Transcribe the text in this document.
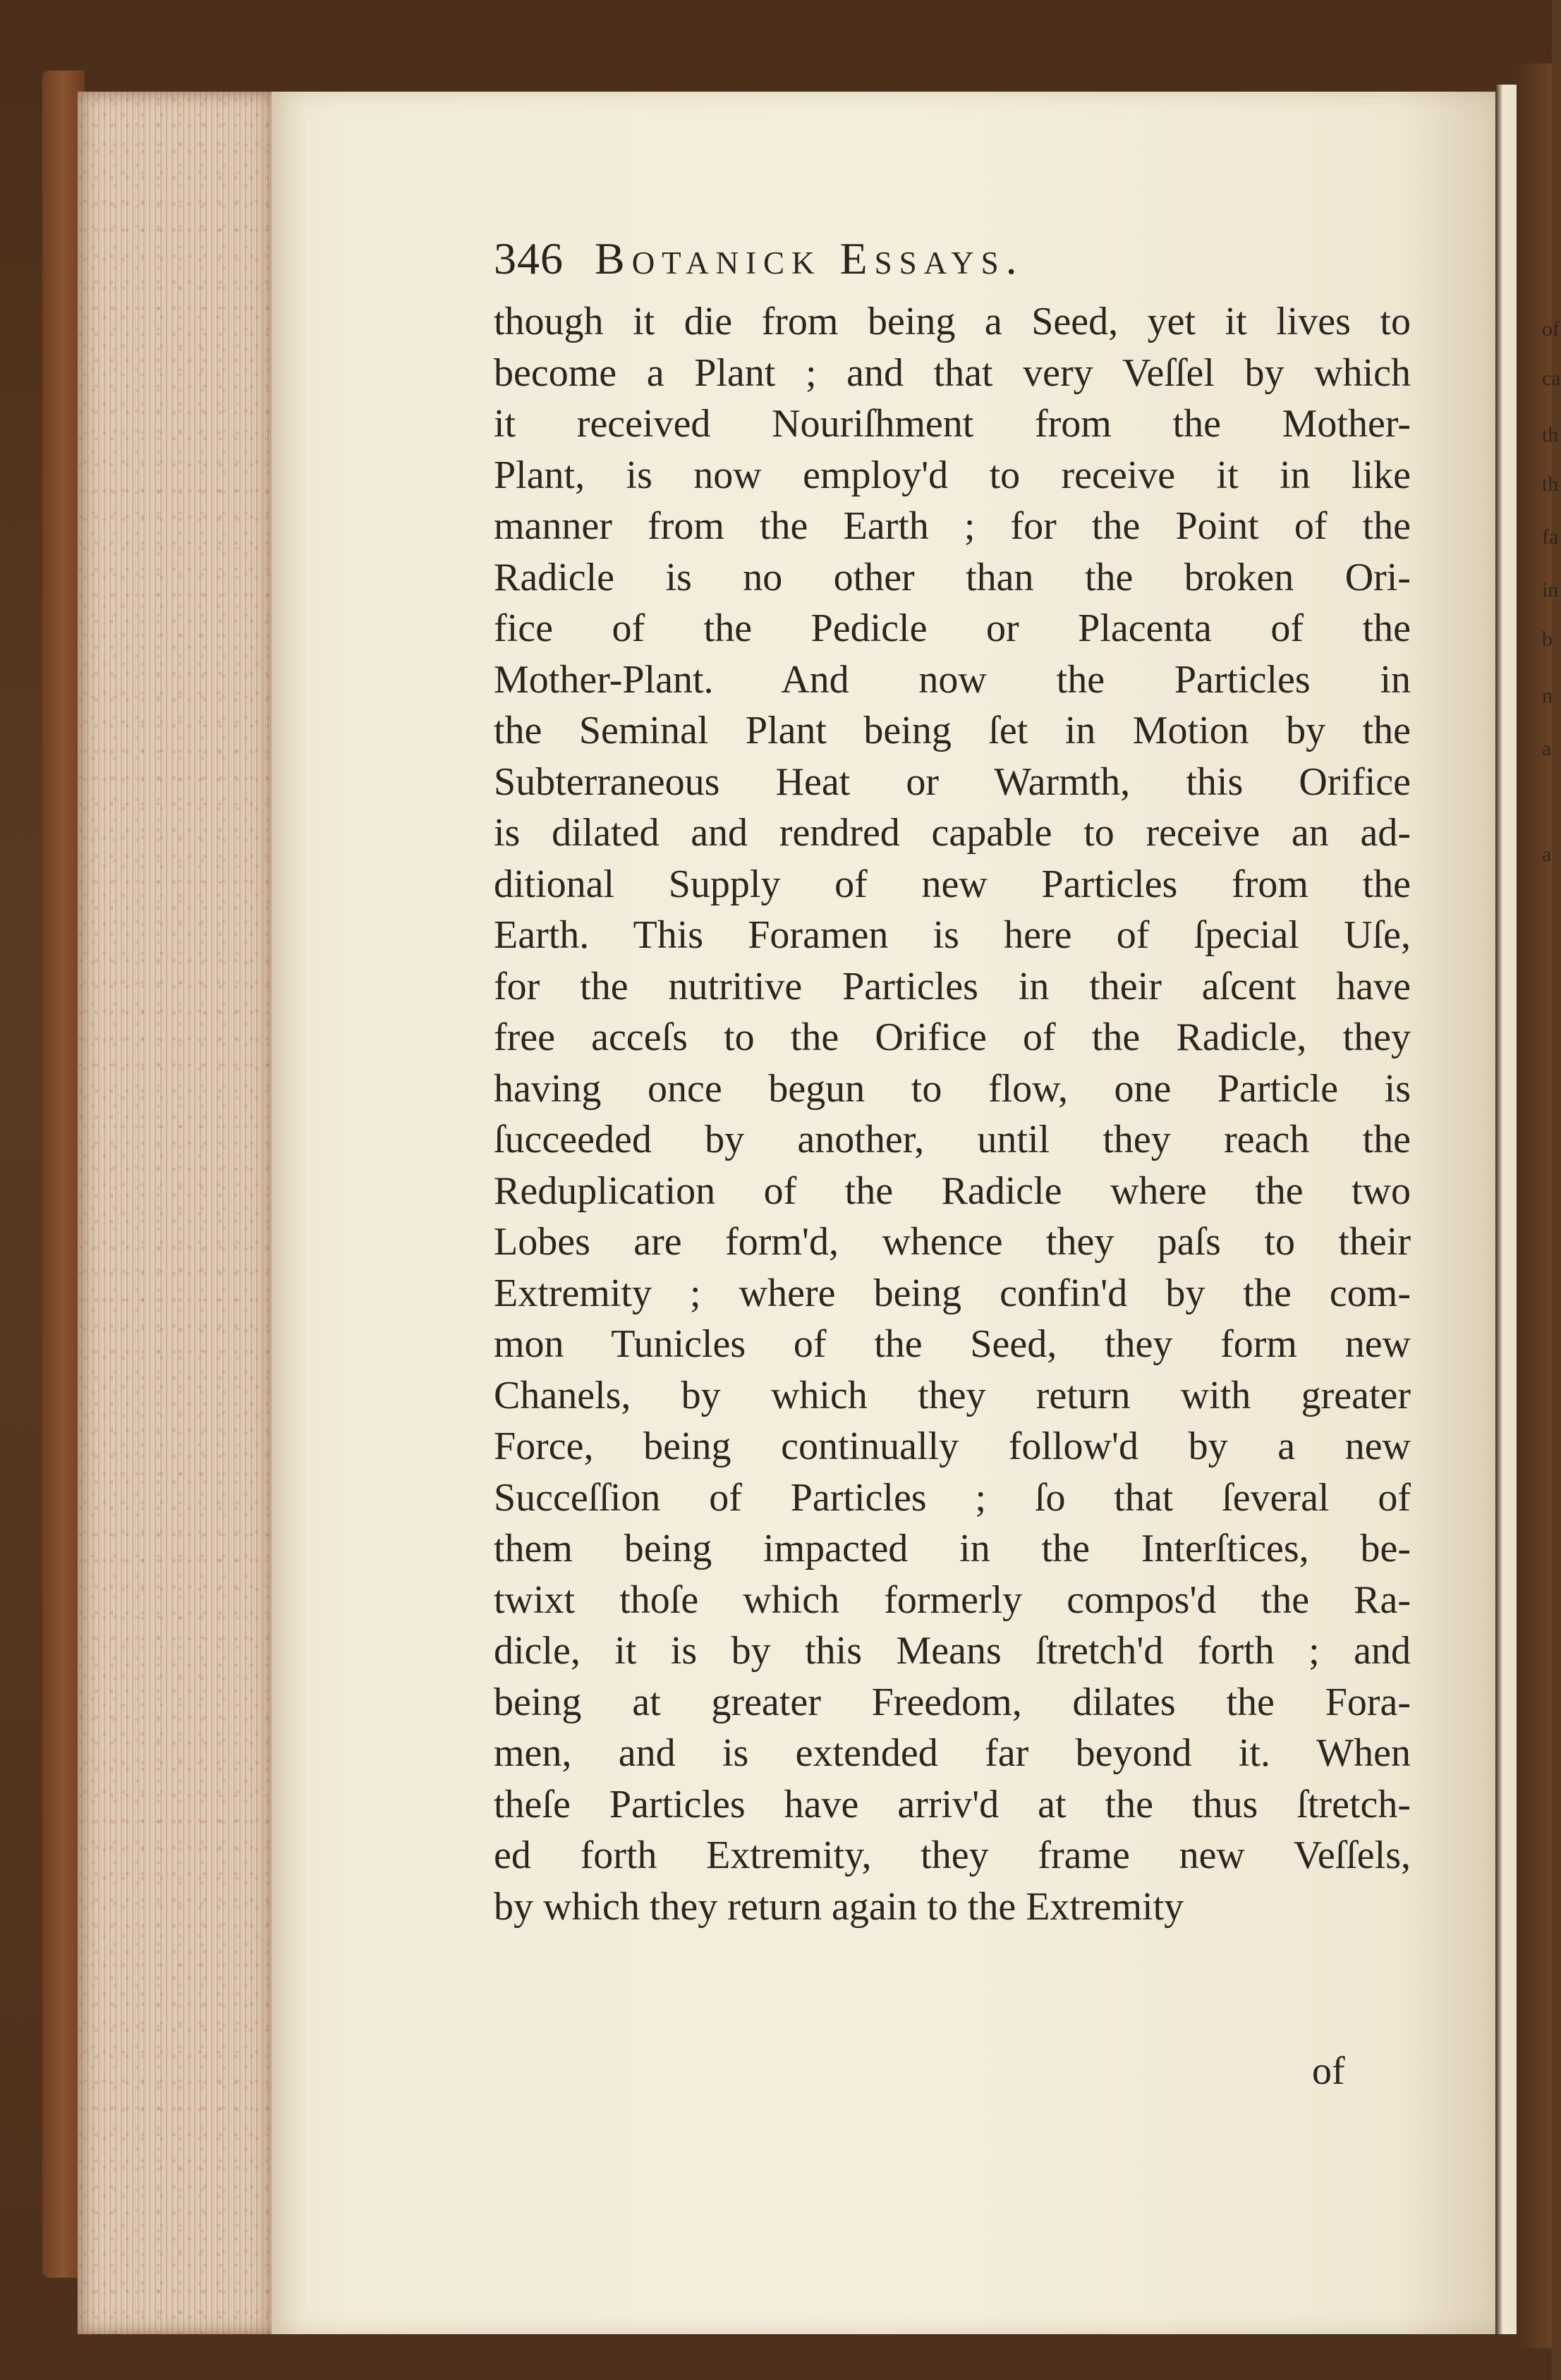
of
ca
th
th
fa
in
b
n
a
a
346 Botanick Essays.
though it die from being a Seed, yet it lives to
become a Plant ; and that very Veſſel by which
it received Nouriſhment from the Mother-
Plant, is now employ'd to receive it in like
manner from the Earth ; for the Point of the
Radicle is no other than the broken Ori-
fice of the Pedicle or Placenta of the
Mother-Plant. And now the Particles in
the Seminal Plant being ſet in Motion by the
Subterraneous Heat or Warmth, this Orifice
is dilated and rendred capable to receive an ad-
ditional Supply of new Particles from the
Earth. This Foramen is here of ſpecial Uſe,
for the nutritive Particles in their aſcent have
free acceſs to the Orifice of the Radicle, they
having once begun to flow, one Particle is
ſucceeded by another, until they reach the
Reduplication of the Radicle where the two
Lobes are form'd, whence they paſs to their
Extremity ; where being confin'd by the com-
mon Tunicles of the Seed, they form new
Chanels, by which they return with greater
Force, being continually follow'd by a new
Succeſſion of Particles ; ſo that ſeveral of
them being impacted in the Interſtices, be-
twixt thoſe which formerly compos'd the Ra-
dicle, it is by this Means ſtretch'd forth ; and
being at greater Freedom, dilates the Fora-
men, and is extended far beyond it. When
theſe Particles have arriv'd at the thus ſtretch-
ed forth Extremity, they frame new Veſſels,
by which they return again to the Extremity
of
